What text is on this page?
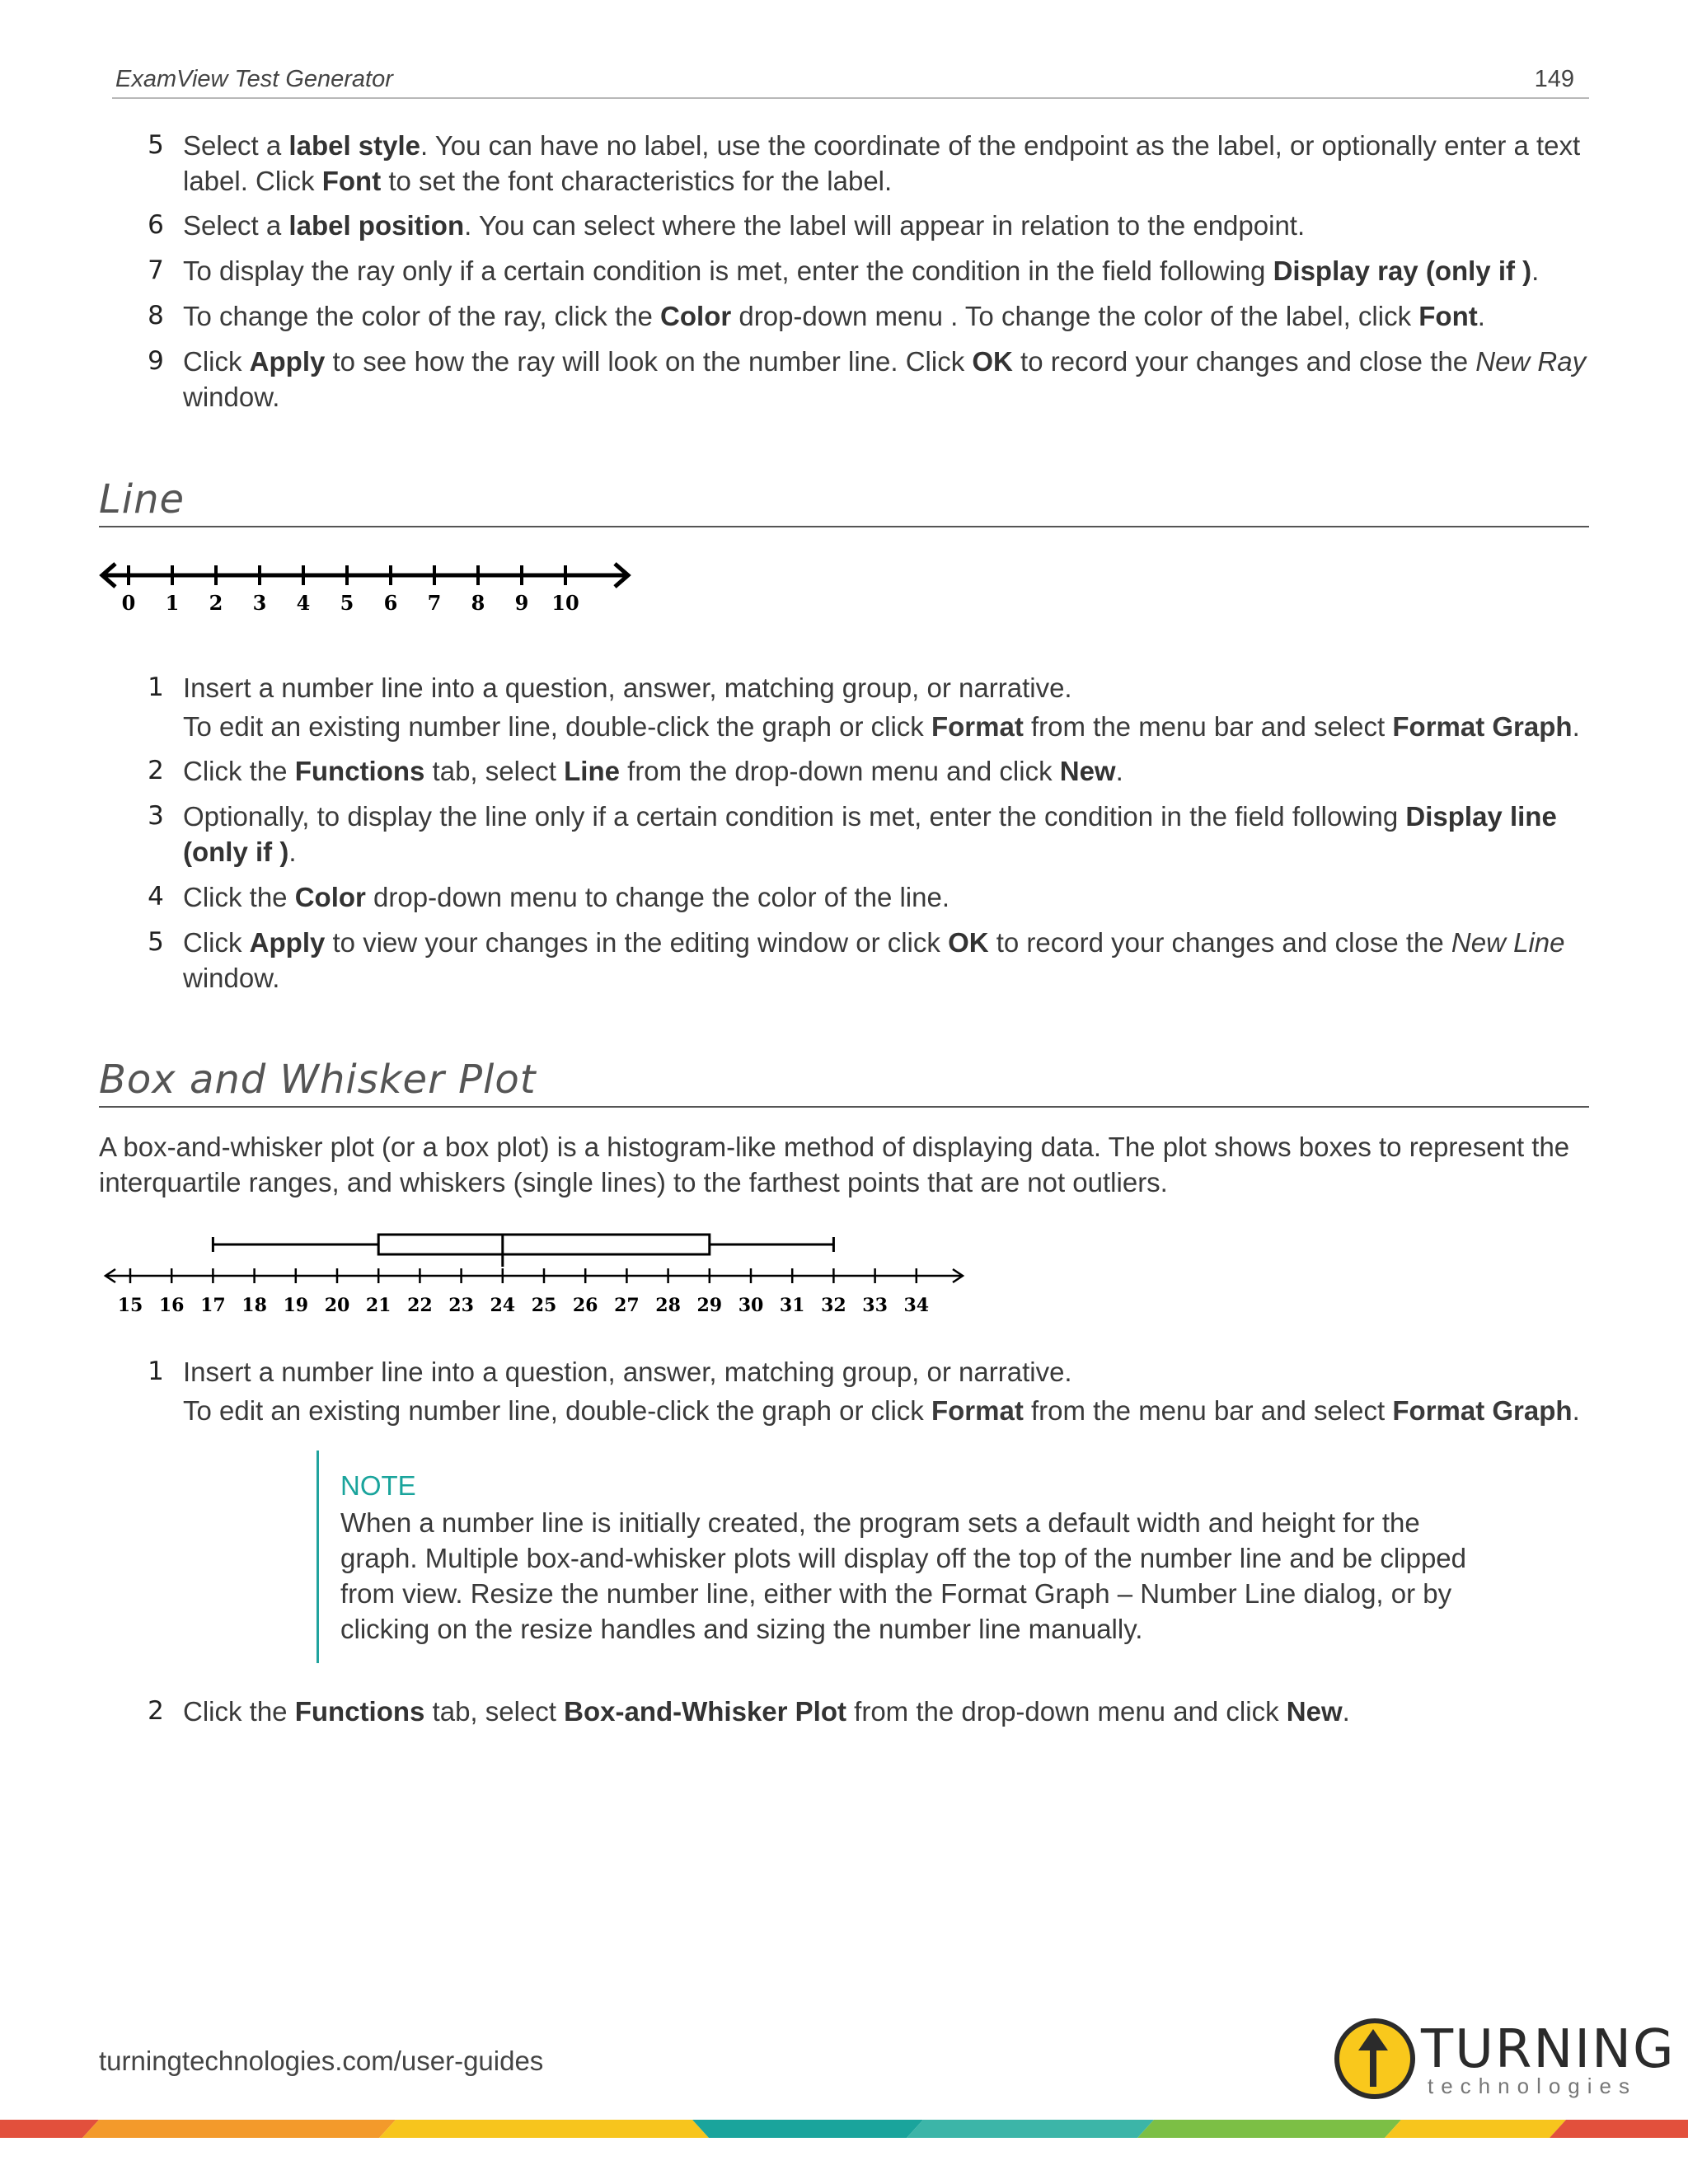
ExamView Test Generator	149
5 Select a label style. You can have no label, use the coordinate of the endpoint as the label, or optionally enter a text label. Click Font to set the font characteristics for the label.
6 Select a label position. You can select where the label will appear in relation to the endpoint.
7 To display the ray only if a certain condition is met, enter the condition in the field following Display ray (only if ).
8 To change the color of the ray, click the Color drop-down menu . To change the color of the label, click Font.
9 Click Apply to see how the ray will look on the number line. Click OK to record your changes and close the New Ray window.
Line
0 1 2 3 4 5 6 7 8 9 10
1 Insert a number line into a question, answer, matching group, or narrative.
To edit an existing number line, double-click the graph or click Format from the menu bar and select Format Graph.
2 Click the Functions tab, select Line from the drop-down menu and click New.
3 Optionally, to display the line only if a certain condition is met, enter the condition in the field following Display line (only if ).
4 Click the Color drop-down menu to change the color of the line.
5 Click Apply to view your changes in the editing window or click OK to record your changes and close the New Line window.
Box and Whisker Plot
A box-and-whisker plot (or a box plot) is a histogram-like method of displaying data. The plot shows boxes to represent the interquartile ranges, and whiskers (single lines) to the farthest points that are not outliers.
15 16 17 18 19 20 21 22 23 24 25 26 27 28 29 30 31 32 33 34
1 Insert a number line into a question, answer, matching group, or narrative.
To edit an existing number line, double-click the graph or click Format from the menu bar and select Format Graph.
NOTE
When a number line is initially created, the program sets a default width and height for the graph. Multiple box-and-whisker plots will display off the top of the number line and be clipped from view. Resize the number line, either with the Format Graph – Number Line dialog, or by clicking on the resize handles and sizing the number line manually.
2 Click the Functions tab, select Box-and-Whisker Plot from the drop-down menu and click New.
turningtechnologies.com/user-guides	TURNING
technologies
